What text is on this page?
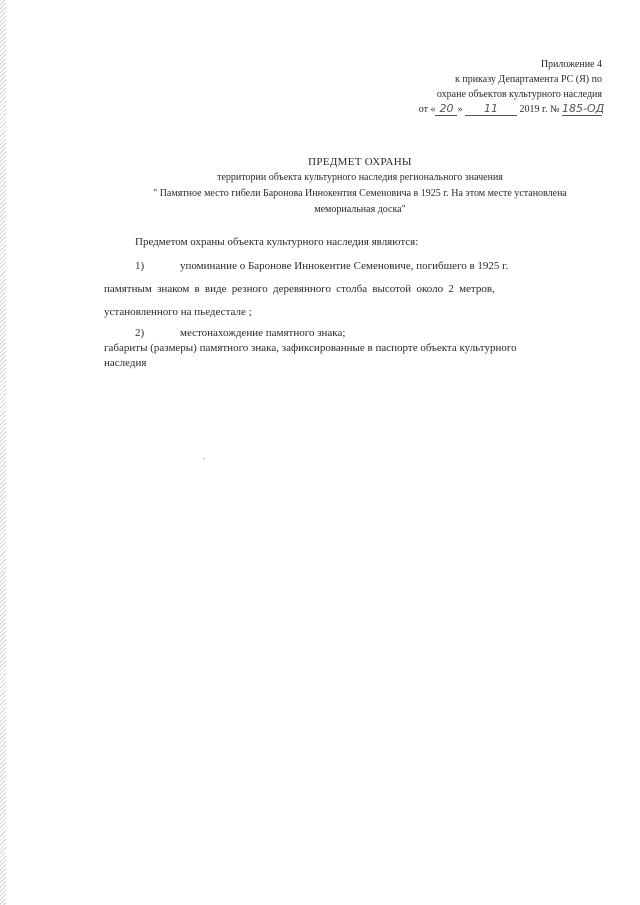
Приложение 4
к приказу Департамента РС (Я) по
охране объектов культурного наследия
от « 20 » 11 2019 г. № 185-ОД
ПРЕДМЕТ ОХРАНЫ
территории объекта культурного наследия регионального значения
" Памятное место гибели Баронова Иннокентия Семеновича в 1925 г. На этом месте установлена
мемориальная доска"
Предметом охраны объекта культурного наследия являются:
1)	упоминание о Баронове Иннокентие Семеновиче, погибшего в 1925 г.
памятным знаком в виде резного деревянного столба высотой около 2 метров,
установленного на пьедестале ;
2)	местонахождение памятного знака;
габариты (размеры) памятного знака, зафиксированные в паспорте объекта культурного
наследия
